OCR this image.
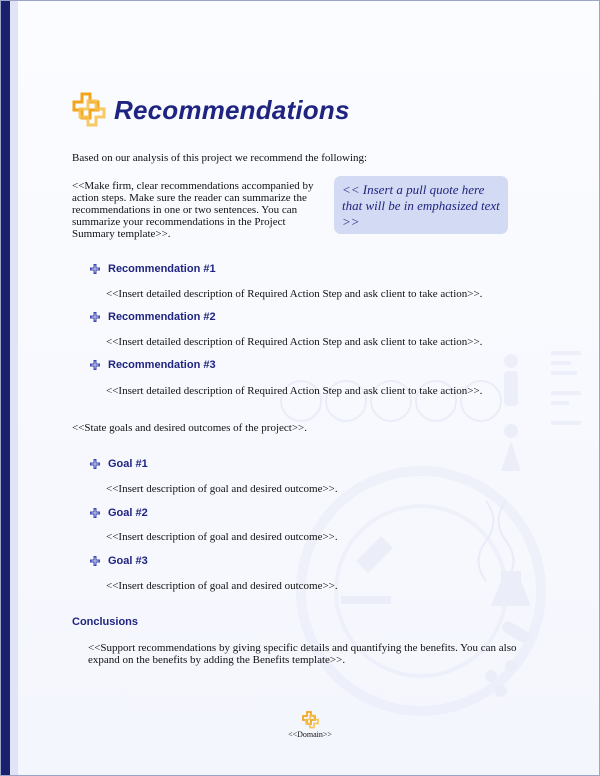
Recommendations
Based on our analysis of this project we recommend the following:
<<Make firm, clear recommendations accompanied by action steps. Make sure the reader can summarize the recommendations in one or two sentences. You can summarize your recommendations in the Project Summary template>>.
<< Insert a pull quote here that will be in emphasized text >>
Recommendation #1
<<Insert detailed description of Required Action Step and ask client to take action>>.
Recommendation #2
<<Insert detailed description of Required Action Step and ask client to take action>>.
Recommendation #3
<<Insert detailed description of Required Action Step and ask client to take action>>.
<<State goals and desired outcomes of the project>>.
Goal #1
<<Insert description of goal and desired outcome>>.
Goal #2
<<Insert description of goal and desired outcome>>.
Goal #3
<<Insert description of goal and desired outcome>>.
Conclusions
<<Support recommendations by giving specific details and quantifying the benefits. You can also expand on the benefits by adding the Benefits template>>.
<<Domain>>
